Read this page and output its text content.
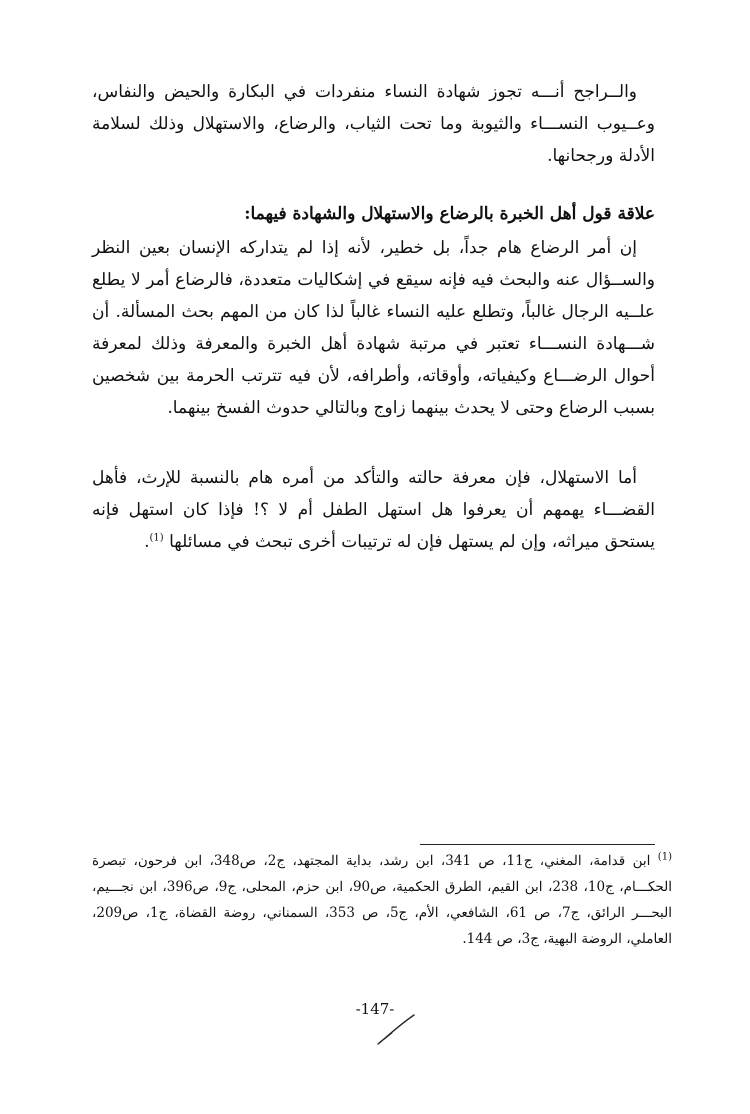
والــراجح أنـــه تجوز شهادة النساء منفردات في البكارة والحيض والنفاس، وعــيوب النســـاء والثيوبة وما تحت الثياب، والرضاع، والاستهلال وذلك لسلامة الأدلة ورجحانها.

علاقة قول أهل الخبرة بالرضاع والاستهلال والشهادة فيهما:

إن أمر الرضاع هام جداً، بل خطير، لأنه إذا لم يتداركه الإنسان بعين النظر والســؤال عنه والبحث فيه فإنه سيقع في إشكاليات متعددة، فالرضاع أمر لا يطلع علــيه الرجال غالباً، وتطلع عليه النساء غالباً لذا كان من المهم بحث المسألة. أن شـــهادة النســـاء تعتبر في مرتبة شهادة أهل الخبرة والمعرفة وذلك لمعرفة أحوال الرضـــاع وكيفياته، وأوقاته، وأطرافه، لأن فيه تترتب الحرمة بين شخصين بسبب الرضاع وحتى لا يحدث بينهما زاوج وبالتالي حدوث الفسخ بينهما.

أما الاستهلال، فإن معرفة حالته والتأكد من أمره هام بالنسبة للإرث، فأهل القضـــاء يهمهم أن يعرفوا هل استهل الطفل أم لا ؟! فإذا كان استهل فإنه يستحق ميراثه، وإن لم يستهل فإن له ترتيبات أخرى تبحث في مسائلها $^{(1)}$.

$^{(1)}$ ابن قدامة، المغني، ج11، ص 341، ابن رشد، بداية المجتهد، ج2، ص348، ابن فرحون، تبصرة الحكـــام، ج10، 238، ابن القيم، الطرق الحكمية، ص90، ابن حزم، المحلى، ج9، ص396، ابن نجـــيم، البحـــر الرائق، ج7، ص 61، الشافعي، الأم، ج5، ص 353، السمناني، روضة القضاة، ج1، ص209، العاملي، الروضة البهية، ج3، ص 144.

-147-
